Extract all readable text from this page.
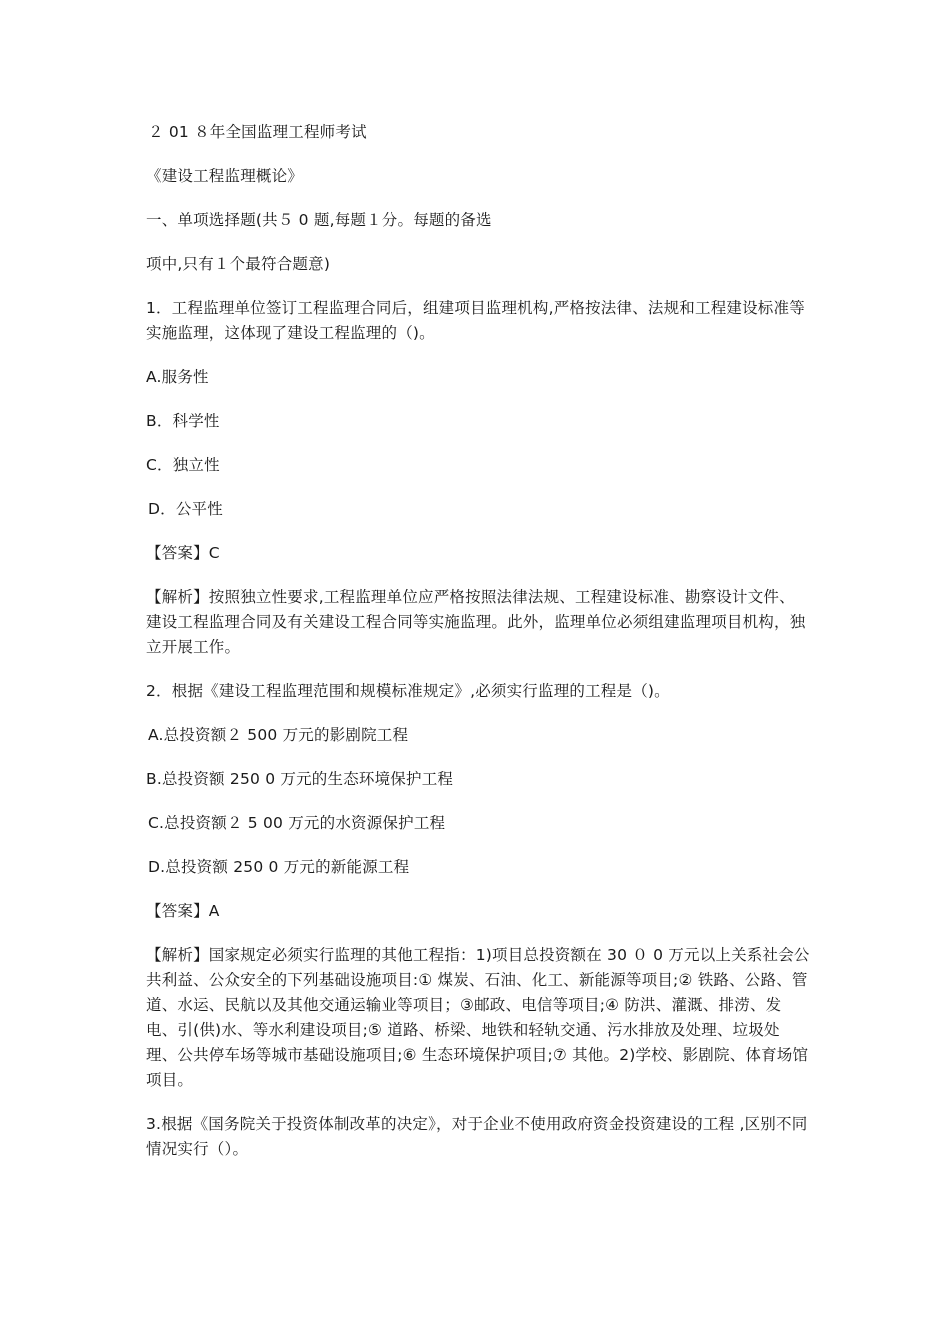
２ 01 ８年全国监理工程师考试

《建设工程监理概论》

一、单项选择题(共５ 0 题,每题１分。每题的备选

项中,只有１个最符合题意)

1．工程监理单位签订工程监理合同后，组建项目监理机构,严格按法律、法规和工程建设标准等实施监理，这体现了建设工程监理的（)。

A.服务性

B．科学性

C．独立性

D．公平性

【答案】C

【解析】按照独立性要求,工程监理单位应严格按照法律法规、工程建设标准、勘察设计文件、建设工程监理合同及有关建设工程合同等实施监理。此外，监理单位必须组建监理项目机构，独立开展工作。

2．根据《建设工程监理范围和规模标准规定》,必须实行监理的工程是（)。

A.总投资额２ 500 万元的影剧院工程

B.总投资额 250 0 万元的生态环境保护工程

C.总投资额２ 5 00 万元的水资源保护工程

D.总投资额 250 0 万元的新能源工程

【答案】A

【解析】国家规定必须实行监理的其他工程指：1)项目总投资额在 30 ０ 0 万元以上关系社会公共利益、公众安全的下列基础设施项目:① 煤炭、石油、化工、新能源等项目;② 铁路、公路、管道、水运、民航以及其他交通运输业等项目；③邮政、电信等项目;④ 防洪、灌溉、排涝、发电、引(供)水、等水利建设项目;⑤ 道路、桥梁、地铁和轻轨交通、污水排放及处理、垃圾处理、公共停车场等城市基础设施项目;⑥ 生态环境保护项目;⑦ 其他。2)学校、影剧院、体育场馆项目。

3.根据《国务院关于投资体制改革的决定》，对于企业不使用政府资金投资建设的工程 ,区别不同情况实行（）。
